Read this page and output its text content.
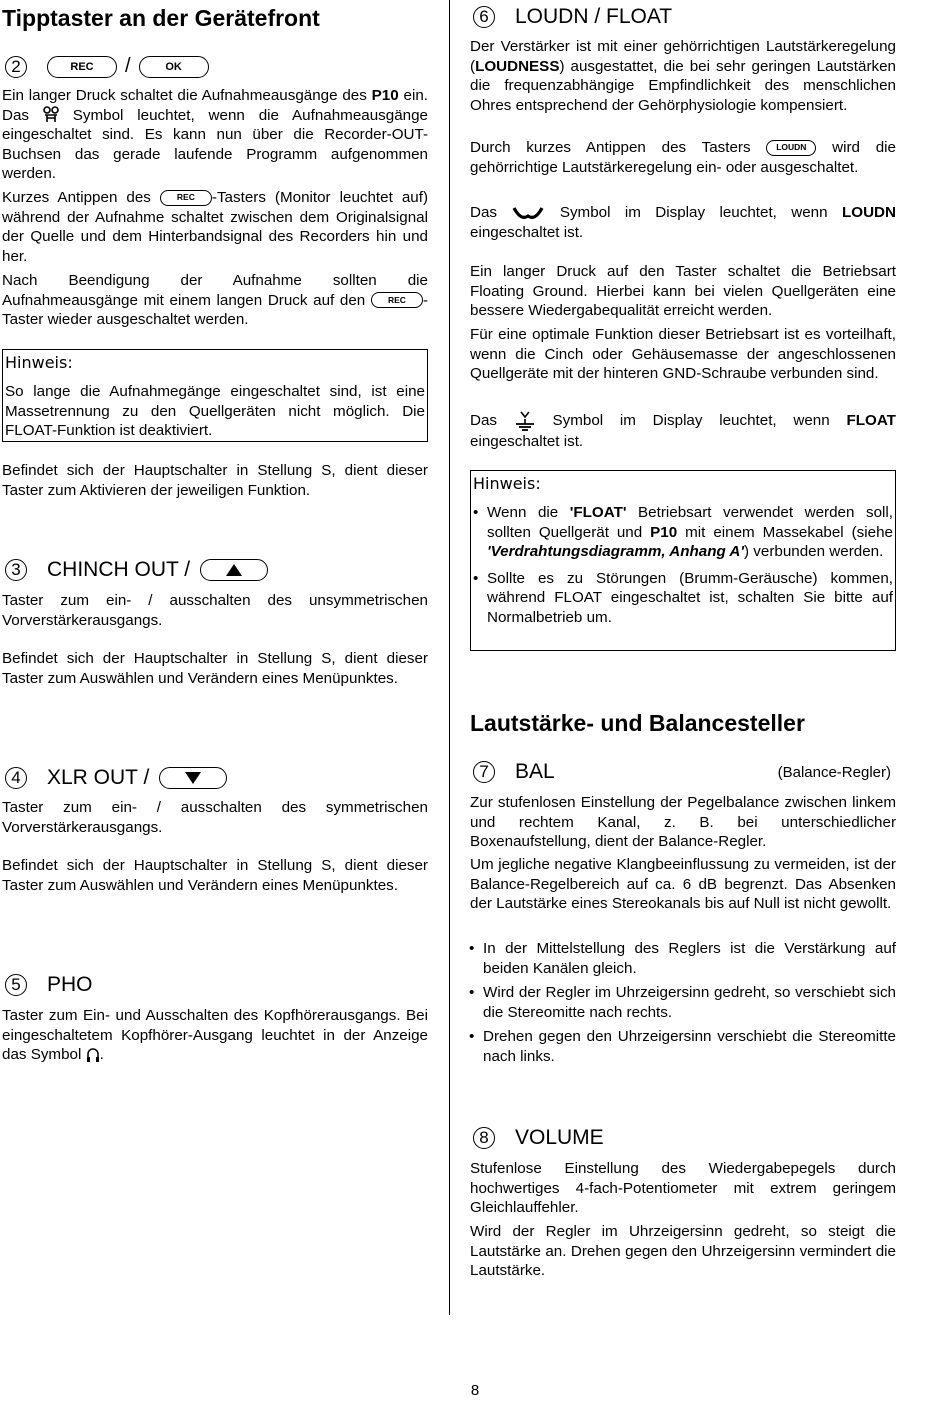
Tipptaster an der Gerätefront
2	REC	/	OK

Ein langer Druck schaltet die Aufnahmeausgänge des P10 ein. Das	Symbol leuchtet, wenn die Aufnahmeausgänge eingeschaltet sind. Es kann nun über die Recorder-OUT-Buchsen das gerade laufende Programm aufgenommen werden.

Kurzes Antippen des	REC -Tasters (Monitor leuchtet auf) während der Aufnahme schaltet zwischen dem Originalsignal der Quelle und dem Hinterbandsignal des Recorders hin und her.

Nach Beendigung der Aufnahme sollten die Aufnahmeausgänge mit einem langen Druck auf den	REC -Taster wieder ausgeschaltet werden.

Hinweis:

So lange die Aufnahmegänge eingeschaltet sind, ist eine Massetrennung zu den Quellgeräten nicht möglich. Die FLOAT-Funktion ist deaktiviert.

Befindet sich der Hauptschalter in Stellung S, dient dieser Taster zum Aktivieren der jeweiligen Funktion.

3 CHINCH OUT /

Taster zum ein- / ausschalten des unsymmetrischen Vorverstärkerausgangs.

Befindet sich der Hauptschalter in Stellung S, dient dieser Taster zum Auswählen und Verändern eines Menüpunktes.

4 XLR OUT /

Taster zum ein- / ausschalten des symmetrischen Vorverstärkerausgangs.

Befindet sich der Hauptschalter in Stellung S, dient dieser Taster zum Auswählen und Verändern eines Menüpunktes.

5 PHO

Taster zum Ein- und Ausschalten des Kopfhörerausgangs. Bei eingeschaltetem Kopfhörer-Ausgang leuchtet in der Anzeige das Symbol .

6 LOUDN / FLOAT

Der Verstärker ist mit einer gehörrichtigen Lautstärkeregelung (LOUDNESS) ausgestattet, die bei sehr geringen Lautstärken die frequenzabhängige Empfindlichkeit des menschlichen Ohres entsprechend der Gehörphysiologie kompensiert.

Durch kurzes Antippen des Tasters	LOUDN wird die gehörrichtige Lautstärkeregelung ein- oder ausgeschaltet.

Das	Symbol im Display leuchtet, wenn LOUDN eingeschaltet ist.

Ein langer Druck auf den Taster schaltet die Betriebsart Floating Ground. Hierbei kann bei vielen Quellgeräten eine bessere Wiedergabequalität erreicht werden.

Für eine optimale Funktion dieser Betriebsart ist es vorteilhaft, wenn die Cinch oder Gehäusemasse der angeschlossenen Quellgeräte mit der hinteren GND-Schraube verbunden sind.

Das	Symbol im Display leuchtet, wenn FLOAT eingeschaltet ist.

Hinweis:
• Wenn die 'FLOAT' Betriebsart verwendet werden soll, sollten Quellgerät und P10 mit einem Massekabel (siehe 'Verdrahtungsdiagramm, Anhang A') verbunden werden.
• Sollte es zu Störungen (Brumm-Geräusche) kommen, während FLOAT eingeschaltet ist, schalten Sie bitte auf Normalbetrieb um.
Lautstärke- und Balancesteller
7 BAL	(Balance-Regler)

Zur stufenlosen Einstellung der Pegelbalance zwischen linkem und rechtem Kanal, z. B. bei unterschiedlicher Boxenaufstellung, dient der Balance-Regler.

Um jegliche negative Klangbeeinflussung zu vermeiden, ist der Balance-Regelbereich auf ca. 6 dB begrenzt. Das Absenken der Lautstärke eines Stereokanals bis auf Null ist nicht gewollt.

• In der Mittelstellung des Reglers ist die Verstärkung auf beiden Kanälen gleich.
• Wird der Regler im Uhrzeigersinn gedreht, so verschiebt sich die Stereomitte nach rechts.
• Drehen gegen den Uhrzeigersinn verschiebt die Stereomitte nach links.
8 VOLUME

Stufenlose Einstellung des Wiedergabepegels durch hochwertiges 4-fach-Potentiometer mit extrem geringem Gleichlauffehler.

Wird der Regler im Uhrzeigersinn gedreht, so steigt die Lautstärke an. Drehen gegen den Uhrzeigersinn vermindert die Lautstärke.

8
